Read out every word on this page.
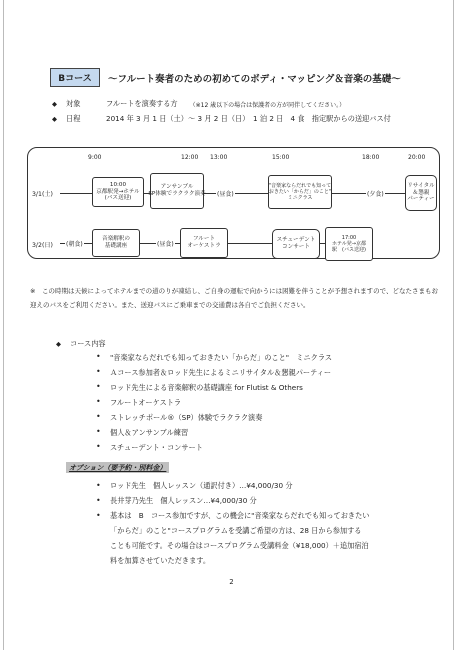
Bコース	～フルート奏者のための初めてのボディ・マッピング＆音楽の基礎～
◆	対象	フルートを演奏する方 （※12 歳以下の場合は保護者の方が同伴してください。）
◆	日程	2014 年 3 月 1 日（土）～ 3 月 2 日（日）　1 泊 2 日　4 食　指定駅からの送迎バス付
9:00	12:00 13:00	15:00	18:00	20:00
3/1(土)
3/2(日)
10:00
京都駅発→ホテル
(バス送迎)
アンサンブル
SP体験でラクラク演奏 (昼食)
"音楽家ならだれでも知って
おきたい「からだ」のこと"
ミニクラス
(夕食)
リサイタル
＆懇親
パーティー
(朝食)
音楽解釈の
基礎講座	(昼食)
フルート
オーケストラ
スチューデント
コンサート
17:00
ホテル発→京都
駅　(バス送迎)
※　この時期は天候によってホテルまでの道のりが凍結し、ご自身の運転で向かうには困難を伴うことが予想されますので、どなたさまもお迎えのバスをご利用ください。また、送迎バスにご乗車までの交通費は各自でご負担ください。
◆	コース内容
• "音楽家ならだれでも知っておきたい「からだ」のこと"　ミニクラス
• Ａコース参加者＆ロッド先生によるミニリサイタル＆懇親パーティー
• ロッド先生による音楽解釈の基礎講座 for Flutist & Others
• フルートオーケストラ
• ストレッチポール®（SP）体験でラクラク演奏
• 個人＆アンサンブル練習
• スチューデント・コンサート
オプション（要予約・別料金）
• ロッド先生　個人レッスン（通訳付き）…¥4,000/30 分
• 長井芽乃先生　個人レッスン…¥4,000/30 分
• 基本は　B　コース参加ですが、この機会に"音楽家ならだれでも知っておきたい
「からだ」のこと"コースプログラムを受講ご希望の方は、28 日から参加する
ことも可能です。その場合はコースプログラム受講料金（¥18,000）＋追加宿泊
料を加算させていただきます。
2
